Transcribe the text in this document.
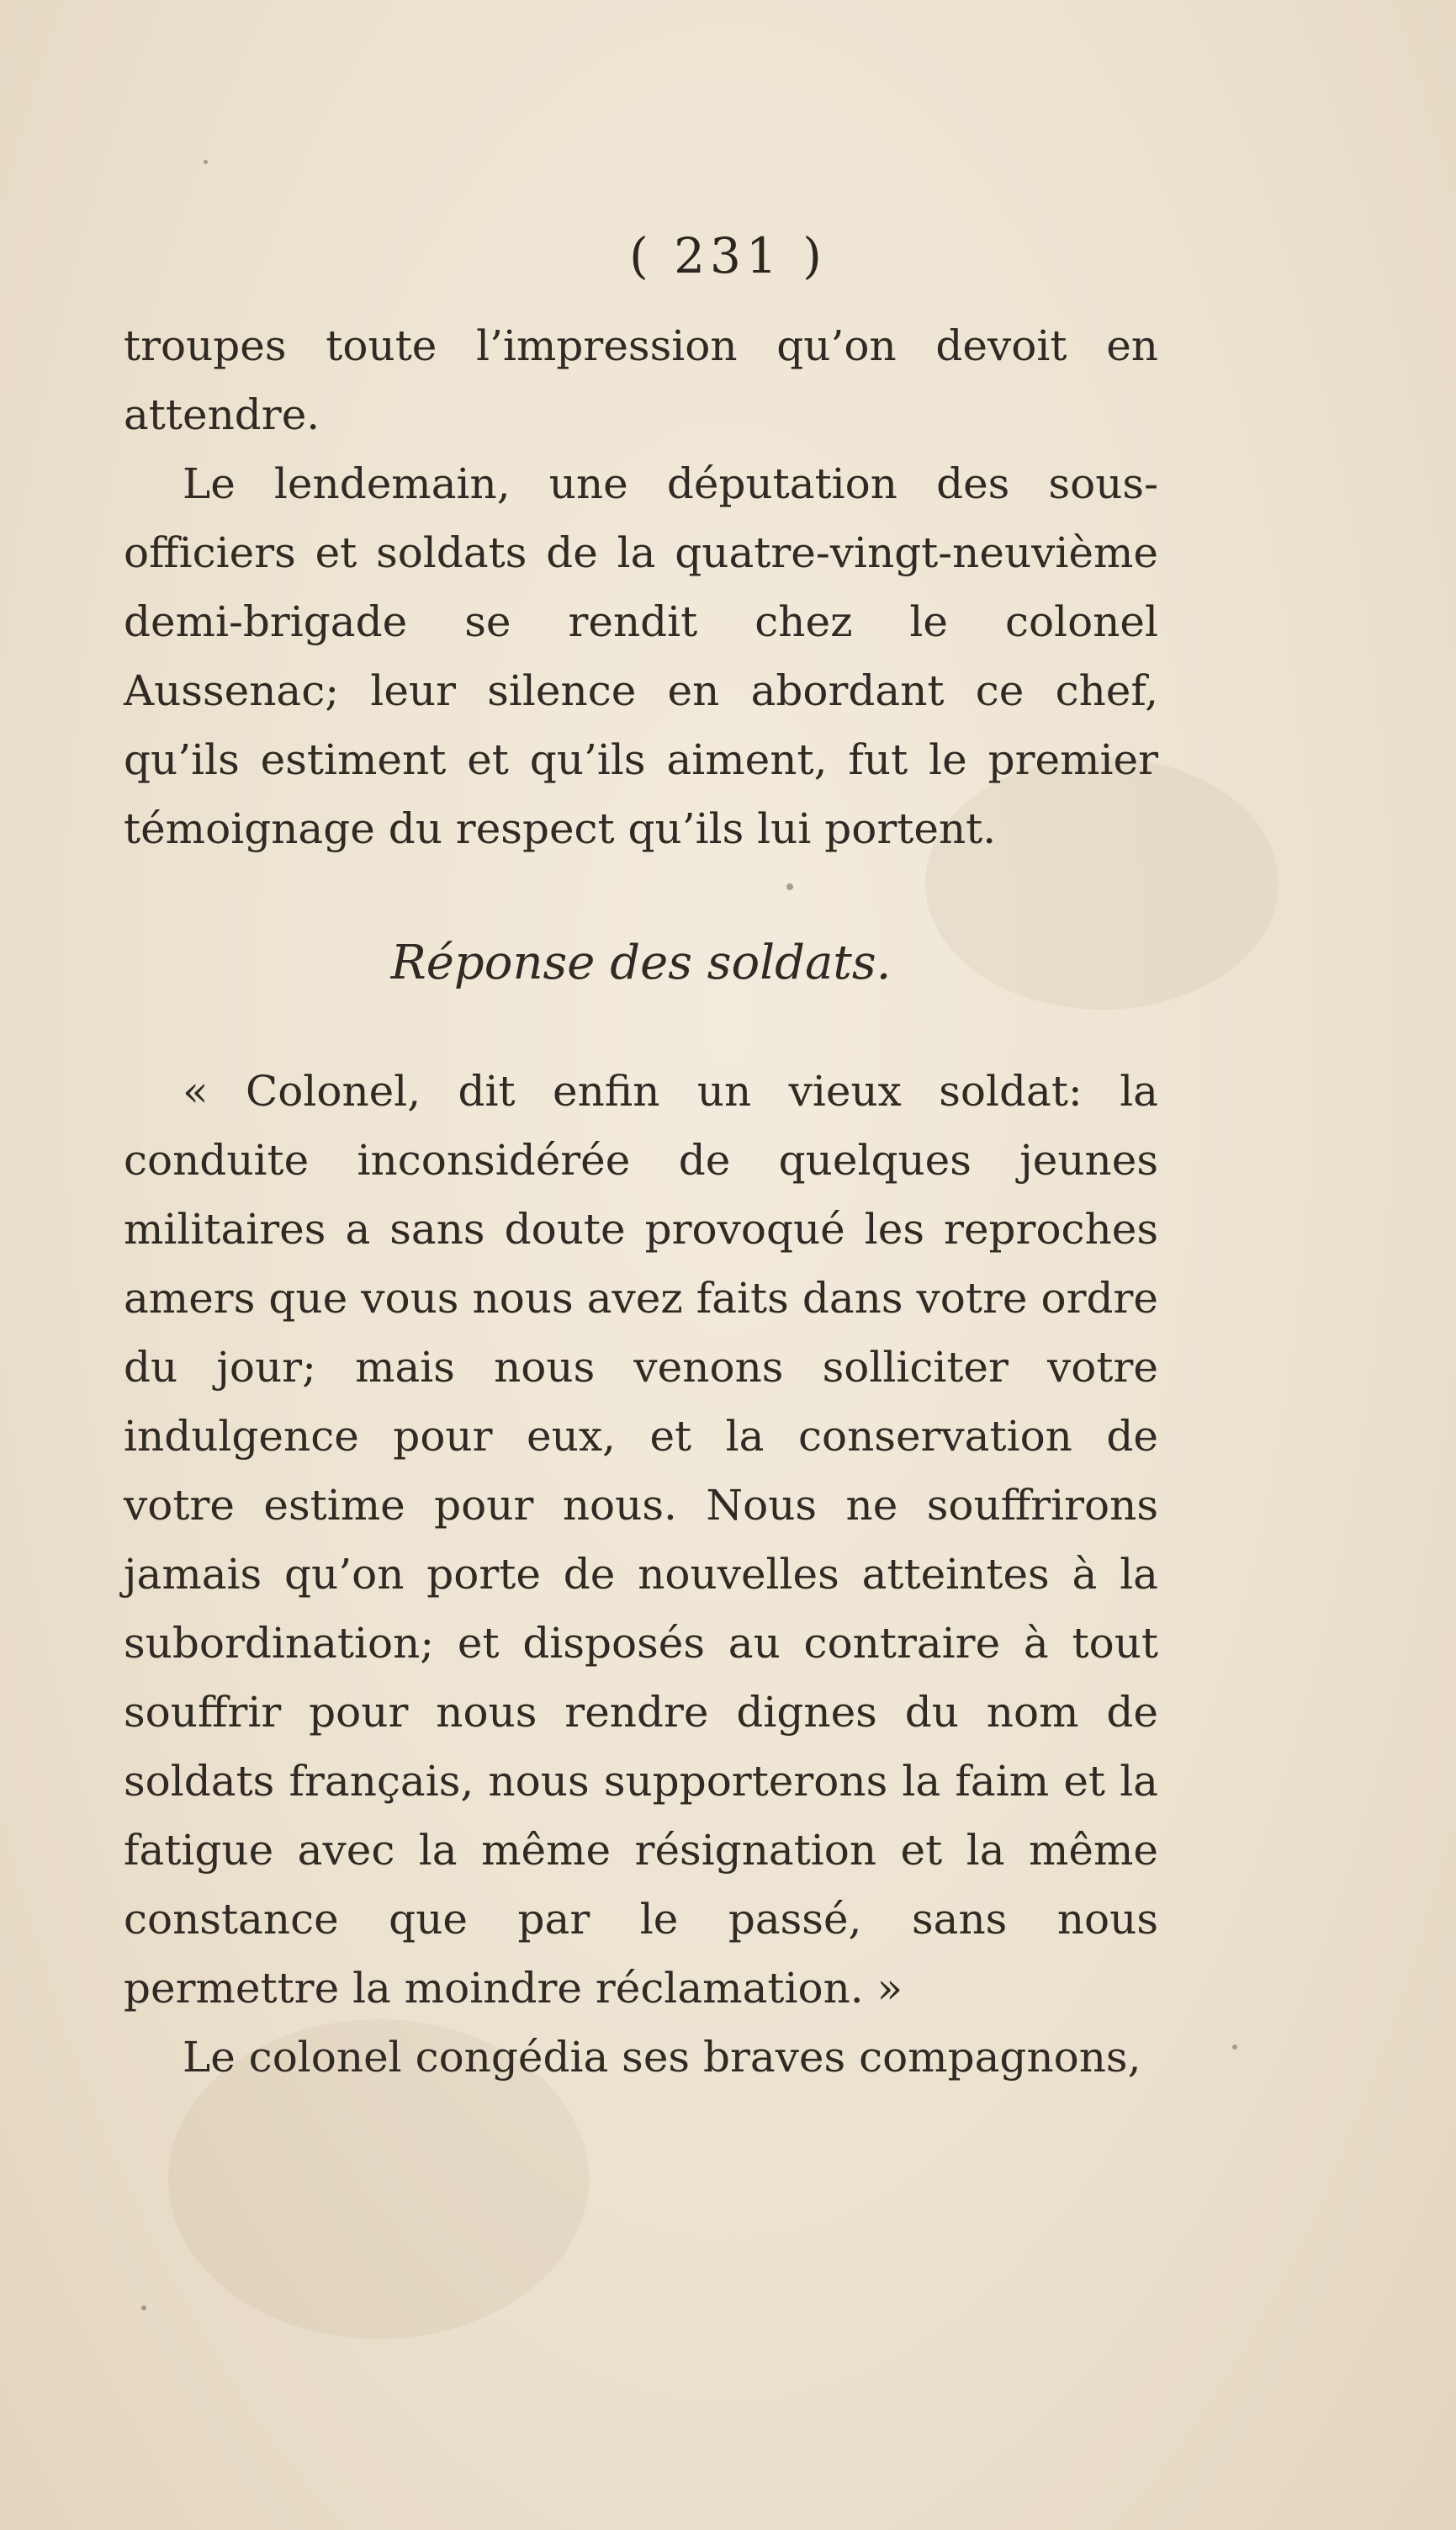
( 231 )

troupes toute l’impression qu’on devoit en attendre.

Le lendemain, une députation des sous-officiers et soldats de la quatre-vingt-neuvième demi-brigade se rendit chez le colonel Aussenac; leur silence en abordant ce chef, qu’ils estiment et qu’ils aiment, fut le premier témoignage du respect qu’ils lui portent.

Réponse des soldats.

« Colonel, dit enfin un vieux soldat: la conduite inconsidérée de quelques jeunes militaires a sans doute provoqué les reproches amers que vous nous avez faits dans votre ordre du jour; mais nous venons solliciter votre indulgence pour eux, et la conservation de votre estime pour nous. Nous ne souffrirons jamais qu’on porte de nouvelles atteintes à la subordination; et disposés au contraire à tout souffrir pour nous rendre dignes du nom de soldats français, nous supporterons la faim et la fatigue avec la même résignation et la même constance que par le passé, sans nous permettre la moindre réclamation. »

Le colonel congédia ses braves compagnons,
